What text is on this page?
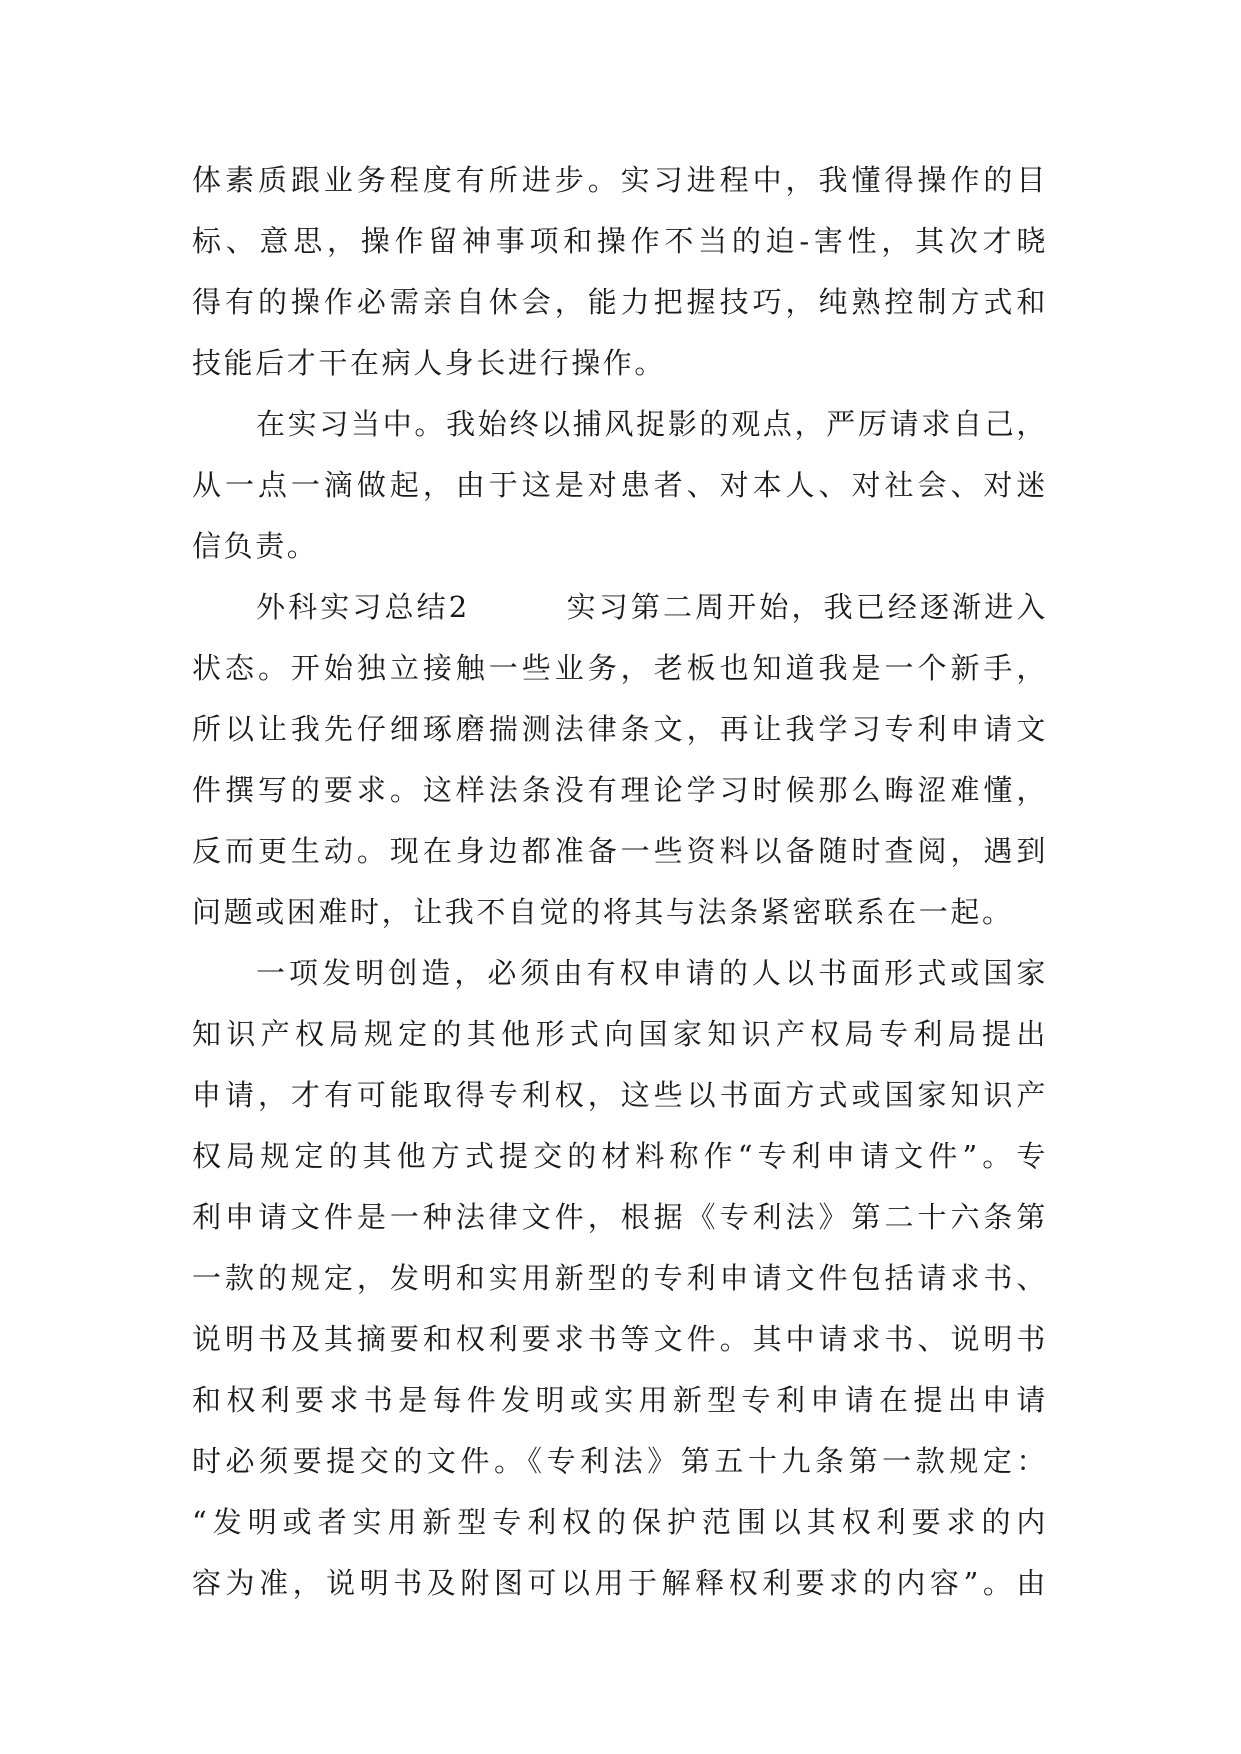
体素质跟业务程度有所进步。实习进程中，我懂得操作的目
标、意思，操作留神事项和操作不当的迫-害性，其次才晓
得有的操作必需亲自休会，能力把握技巧，纯熟控制方式和
技能后才干在病人身长进行操作。
在实习当中。我始终以捕风捉影的观点，严厉请求自己，
从一点一滴做起，由于这是对患者、对本人、对社会、对迷
信负责。
外科实习总结2　　　实习第二周开始，我已经逐渐进入
状态。开始独立接触一些业务，老板也知道我是一个新手，
所以让我先仔细琢磨揣测法律条文，再让我学习专利申请文
件撰写的要求。这样法条没有理论学习时候那么晦涩难懂，
反而更生动。现在身边都准备一些资料以备随时查阅，遇到
问题或困难时，让我不自觉的将其与法条紧密联系在一起。
一项发明创造，必须由有权申请的人以书面形式或国家
知识产权局规定的其他形式向国家知识产权局专利局提出
申请，才有可能取得专利权，这些以书面方式或国家知识产
权局规定的其他方式提交的材料称作“专利申请文件”。专
利申请文件是一种法律文件，根据《专利法》第二十六条第
一款的规定，发明和实用新型的专利申请文件包括请求书、
说明书及其摘要和权利要求书等文件。其中请求书、说明书
和权利要求书是每件发明或实用新型专利申请在提出申请
时必须要提交的文件。《专利法》第五十九条第一款规定：
“发明或者实用新型专利权的保护范围以其权利要求的内
容为准，说明书及附图可以用于解释权利要求的内容”。由
